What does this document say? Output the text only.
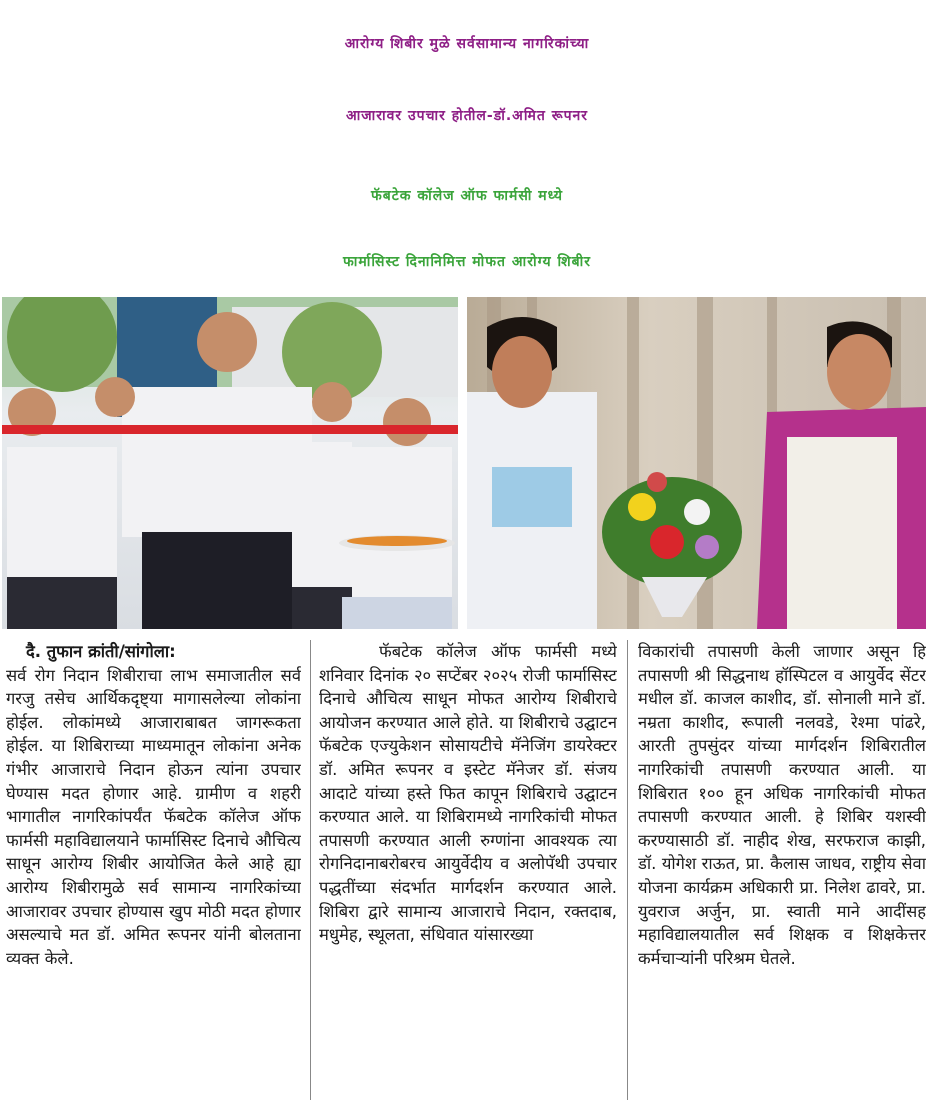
आरोग्य शिबीर मुळे सर्वसामान्य नागरिकांच्या
आजारावर उपचार होतील-डॉ.अमित रूपनर
फॅबटेक कॉलेज ऑफ फार्मसी मध्ये
फार्मासिस्ट दिनानिमित्त मोफत आरोग्य शिबीर
दै. तुफान क्रांती/सांगोला:
सर्व रोग निदान शिबीराचा लाभ समाजातील सर्व गरजु तसेच आर्थिकदृष्ट्या मागासलेल्या लोकांना होईल. लोकांमध्ये आजाराबाबत जागरूकता होईल. या शिबिराच्या माध्यमातून लोकांना अनेक गंभीर आजाराचे निदान होऊन त्यांना उपचार घेण्यास मदत होणार आहे. ग्रामीण व शहरी भागातील नागरिकांपर्यंत फॅबटेक कॉलेज ऑफ फार्मसी महाविद्यालयाने फार्मासिस्ट दिनाचे औचित्य साधून आरोग्य शिबीर आयोजित केले आहे ह्या आरोग्य शिबीरामुळे सर्व सामान्य नागरिकांच्या आजारावर उपचार होण्यास खुप मोठी मदत होणार असल्याचे मत डॉ. अमित रूपनर यांनी बोलताना व्यक्त केले.
फॅबटेक कॉलेज ऑफ फार्मसी मध्ये शनिवार दिनांक २० सप्टेंबर २०२५ रोजी फार्मासिस्ट दिनाचे औचित्य साधून मोफत आरोग्य शिबीराचे आयोजन करण्यात आले होते. या शिबीराचे उद्घाटन फॅबटेक एज्युकेशन सोसायटीचे मॅनेजिंग डायरेक्टर डॉ. अमित रूपनर व इस्टेट मॅनेजर डॉ. संजय आदाटे यांच्या हस्ते फित कापून शिबिराचे उद्घाटन करण्यात आले. या शिबिरामध्ये नागरिकांची मोफत तपासणी करण्यात आली रुग्णांना आवश्यक त्या रोगनिदानाबरोबरच आयुर्वेदीय व अलोपॅथी उपचार पद्धतींच्या संदर्भात मार्गदर्शन करण्यात आले. शिबिरा द्वारे सामान्य आजाराचे निदान, रक्तदाब, मधुमेह, स्थूलता, संधिवात यांसारख्या
विकारांची तपासणी केली जाणार असून हि तपासणी श्री सिद्धनाथ हॉस्पिटल व आयुर्वेद सेंटर मधील डॉ. काजल काशीद, डॉ. सोनाली माने डॉ. नम्रता काशीद, रूपाली नलवडे, रेश्मा पांढरे, आरती तुपसुंदर यांच्या मार्गदर्शन शिबिरातील नागरिकांची तपासणी करण्यात आली. या शिबिरात १०० हून अधिक नागरिकांची मोफत तपासणी करण्यात आली. हे शिबिर यशस्वी करण्यासाठी डॉ. नाहीद शेख, सरफराज काझी, डॉ. योगेश राऊत, प्रा. कैलास जाधव, राष्ट्रीय सेवा योजना कार्यक्रम अधिकारी प्रा. निलेश ढावरे, प्रा. युवराज अर्जुन, प्रा. स्वाती माने आदींसह महाविद्यालयातील सर्व शिक्षक व शिक्षकेत्तर कर्मचाऱ्यांनी परिश्रम घेतले.
